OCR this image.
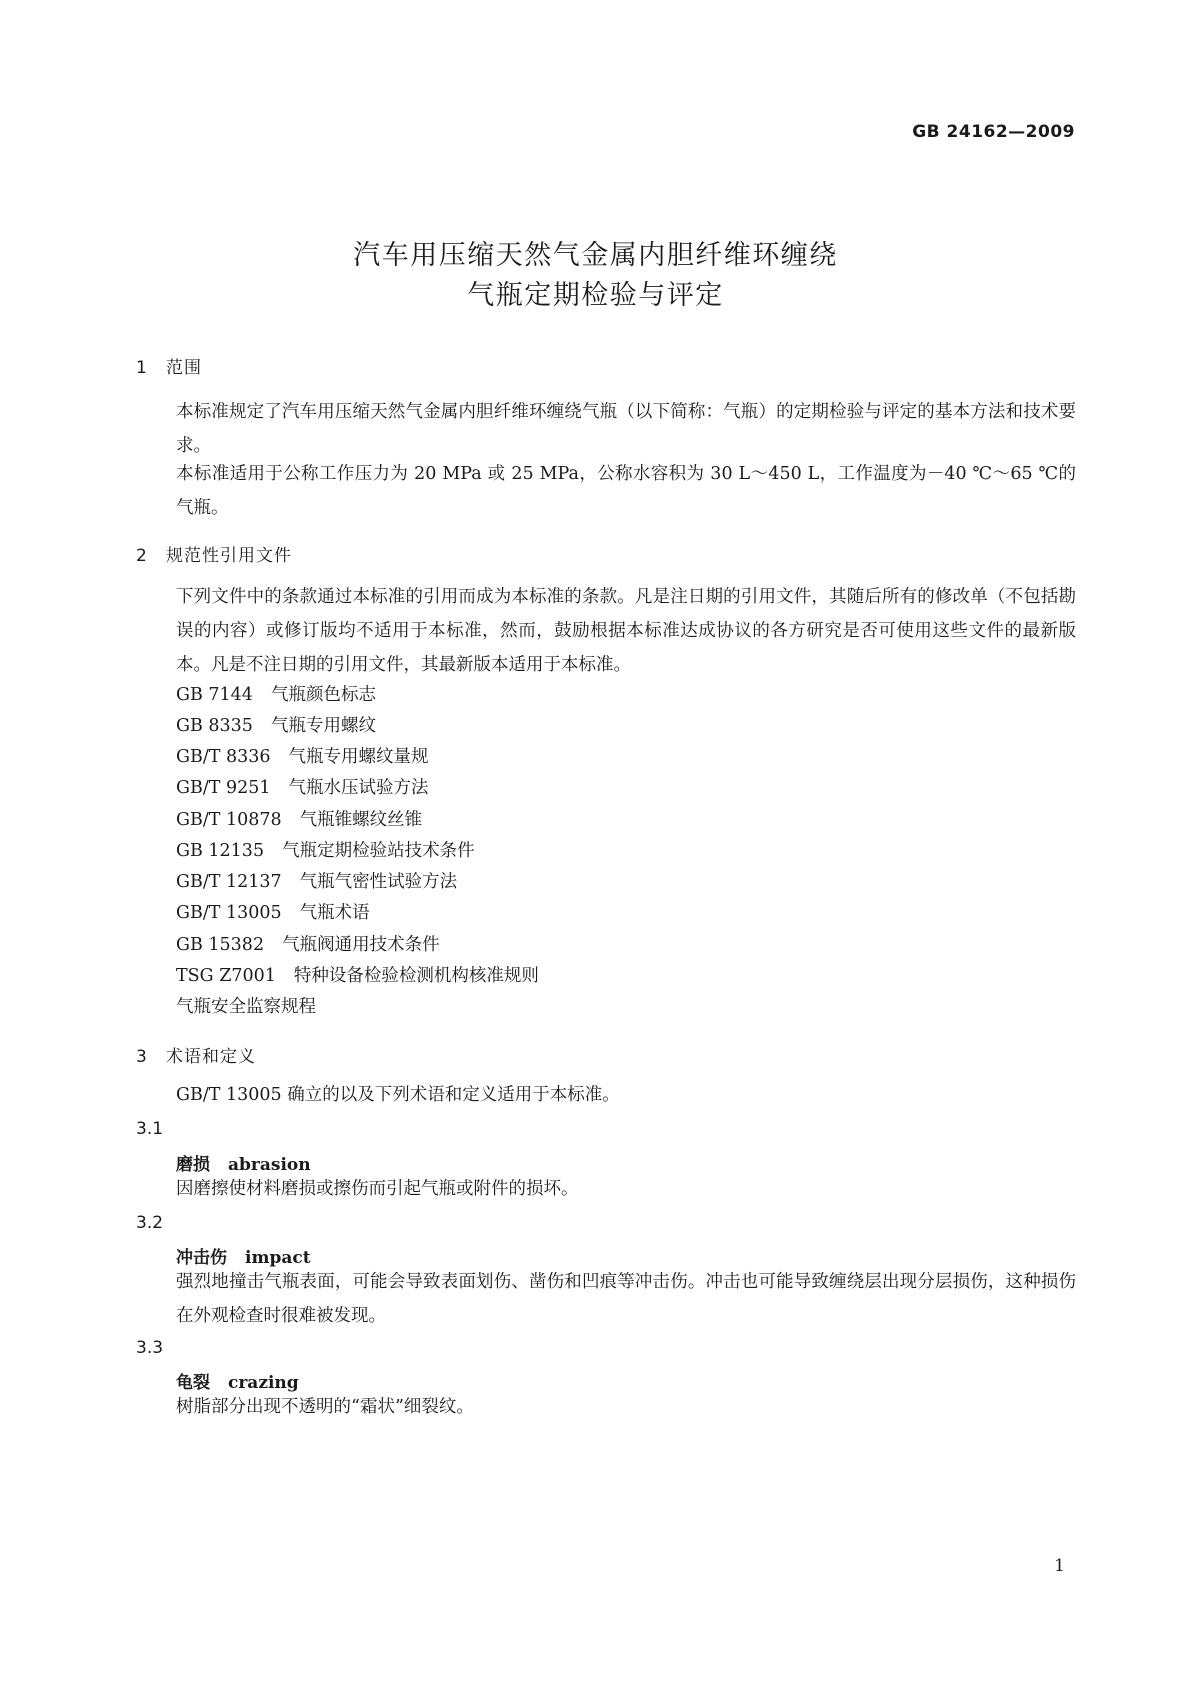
GB 24162—2009
汽车用压缩天然气金属内胆纤维环缠绕
气瓶定期检验与评定
1 范围
本标准规定了汽车用压缩天然气金属内胆纤维环缠绕气瓶（以下简称：气瓶）的定期检验与评定的基本方法和技术要求。
本标准适用于公称工作压力为 20 MPa 或 25 MPa，公称水容积为 30 L～450 L，工作温度为－40 ℃～65 ℃的气瓶。
2 规范性引用文件
下列文件中的条款通过本标准的引用而成为本标准的条款。凡是注日期的引用文件，其随后所有的修改单（不包括勘误的内容）或修订版均不适用于本标准，然而，鼓励根据本标准达成协议的各方研究是否可使用这些文件的最新版本。凡是不注日期的引用文件，其最新版本适用于本标准。
GB 7144 气瓶颜色标志
GB 8335 气瓶专用螺纹
GB/T 8336 气瓶专用螺纹量规
GB/T 9251 气瓶水压试验方法
GB/T 10878 气瓶锥螺纹丝锥
GB 12135 气瓶定期检验站技术条件
GB/T 12137 气瓶气密性试验方法
GB/T 13005 气瓶术语
GB 15382 气瓶阀通用技术条件
TSG Z7001 特种设备检验检测机构核准规则
气瓶安全监察规程
3 术语和定义
GB/T 13005 确立的以及下列术语和定义适用于本标准。
3.1
磨损 abrasion
因磨擦使材料磨损或擦伤而引起气瓶或附件的损坏。
3.2
冲击伤 impact
强烈地撞击气瓶表面，可能会导致表面划伤、凿伤和凹痕等冲击伤。冲击也可能导致缠绕层出现分层损伤，这种损伤在外观检查时很难被发现。
3.3
龟裂 crazing
树脂部分出现不透明的“霜状”细裂纹。
1
